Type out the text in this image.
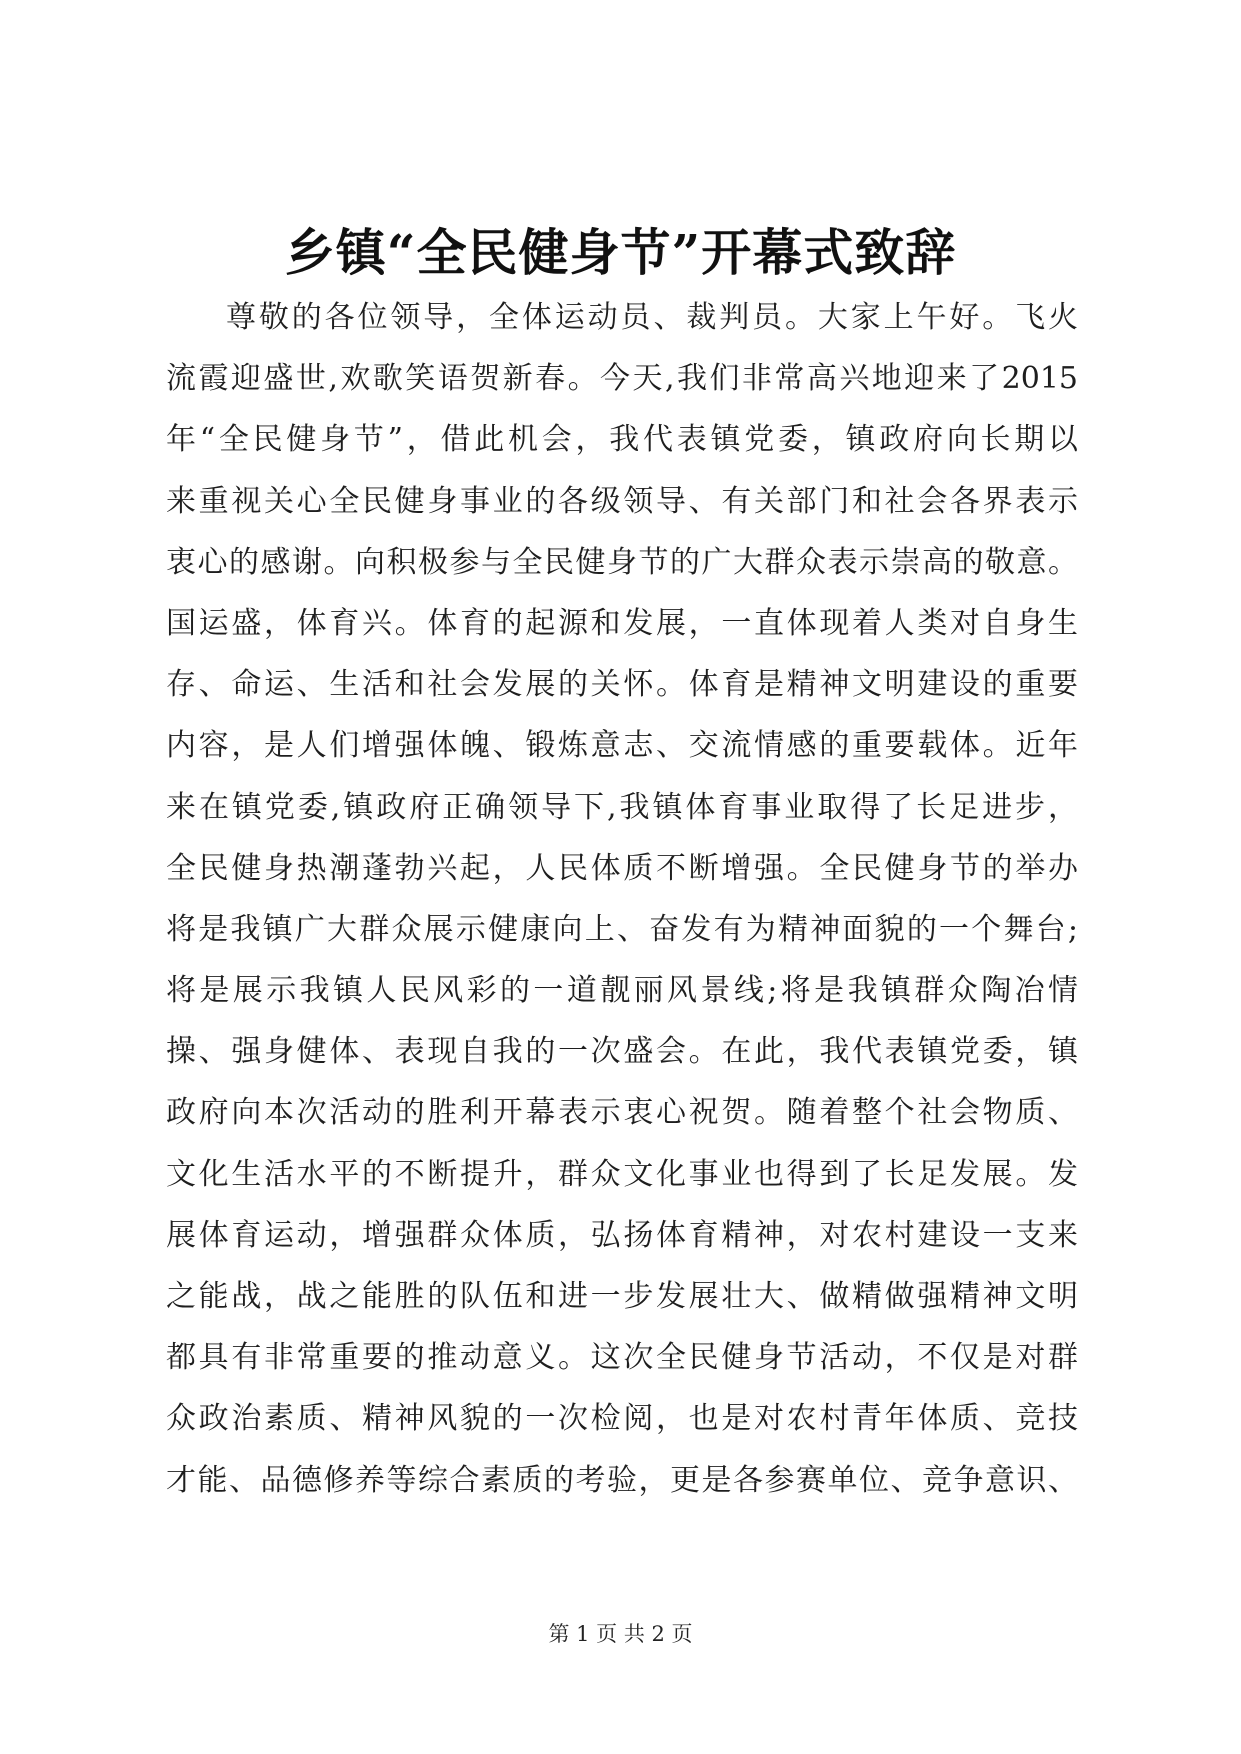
乡镇“全民健身节”开幕式致辞
尊敬的各位领导，全体运动员、裁判员。大家上午好。飞火
流霞迎盛世,欢歌笑语贺新春。今天,我们非常高兴地迎来了2015
年“全民健身节”，借此机会，我代表镇党委，镇政府向长期以
来重视关心全民健身事业的各级领导、有关部门和社会各界表示
衷心的感谢。向积极参与全民健身节的广大群众表示崇高的敬意。
国运盛，体育兴。体育的起源和发展，一直体现着人类对自身生
存、命运、生活和社会发展的关怀。体育是精神文明建设的重要
内容，是人们增强体魄、锻炼意志、交流情感的重要载体。近年
来在镇党委,镇政府正确领导下,我镇体育事业取得了长足进步，
全民健身热潮蓬勃兴起，人民体质不断增强。全民健身节的举办
将是我镇广大群众展示健康向上、奋发有为精神面貌的一个舞台;
将是展示我镇人民风彩的一道靓丽风景线;将是我镇群众陶冶情
操、强身健体、表现自我的一次盛会。在此，我代表镇党委，镇
政府向本次活动的胜利开幕表示衷心祝贺。随着整个社会物质、
文化生活水平的不断提升，群众文化事业也得到了长足发展。发
展体育运动，增强群众体质，弘扬体育精神，对农村建设一支来
之能战，战之能胜的队伍和进一步发展壮大、做精做强精神文明
都具有非常重要的推动意义。这次全民健身节活动，不仅是对群
众政治素质、精神风貌的一次检阅，也是对农村青年体质、竞技
才能、品德修养等综合素质的考验，更是各参赛单位、竞争意识、
第 1 页 共 2 页
